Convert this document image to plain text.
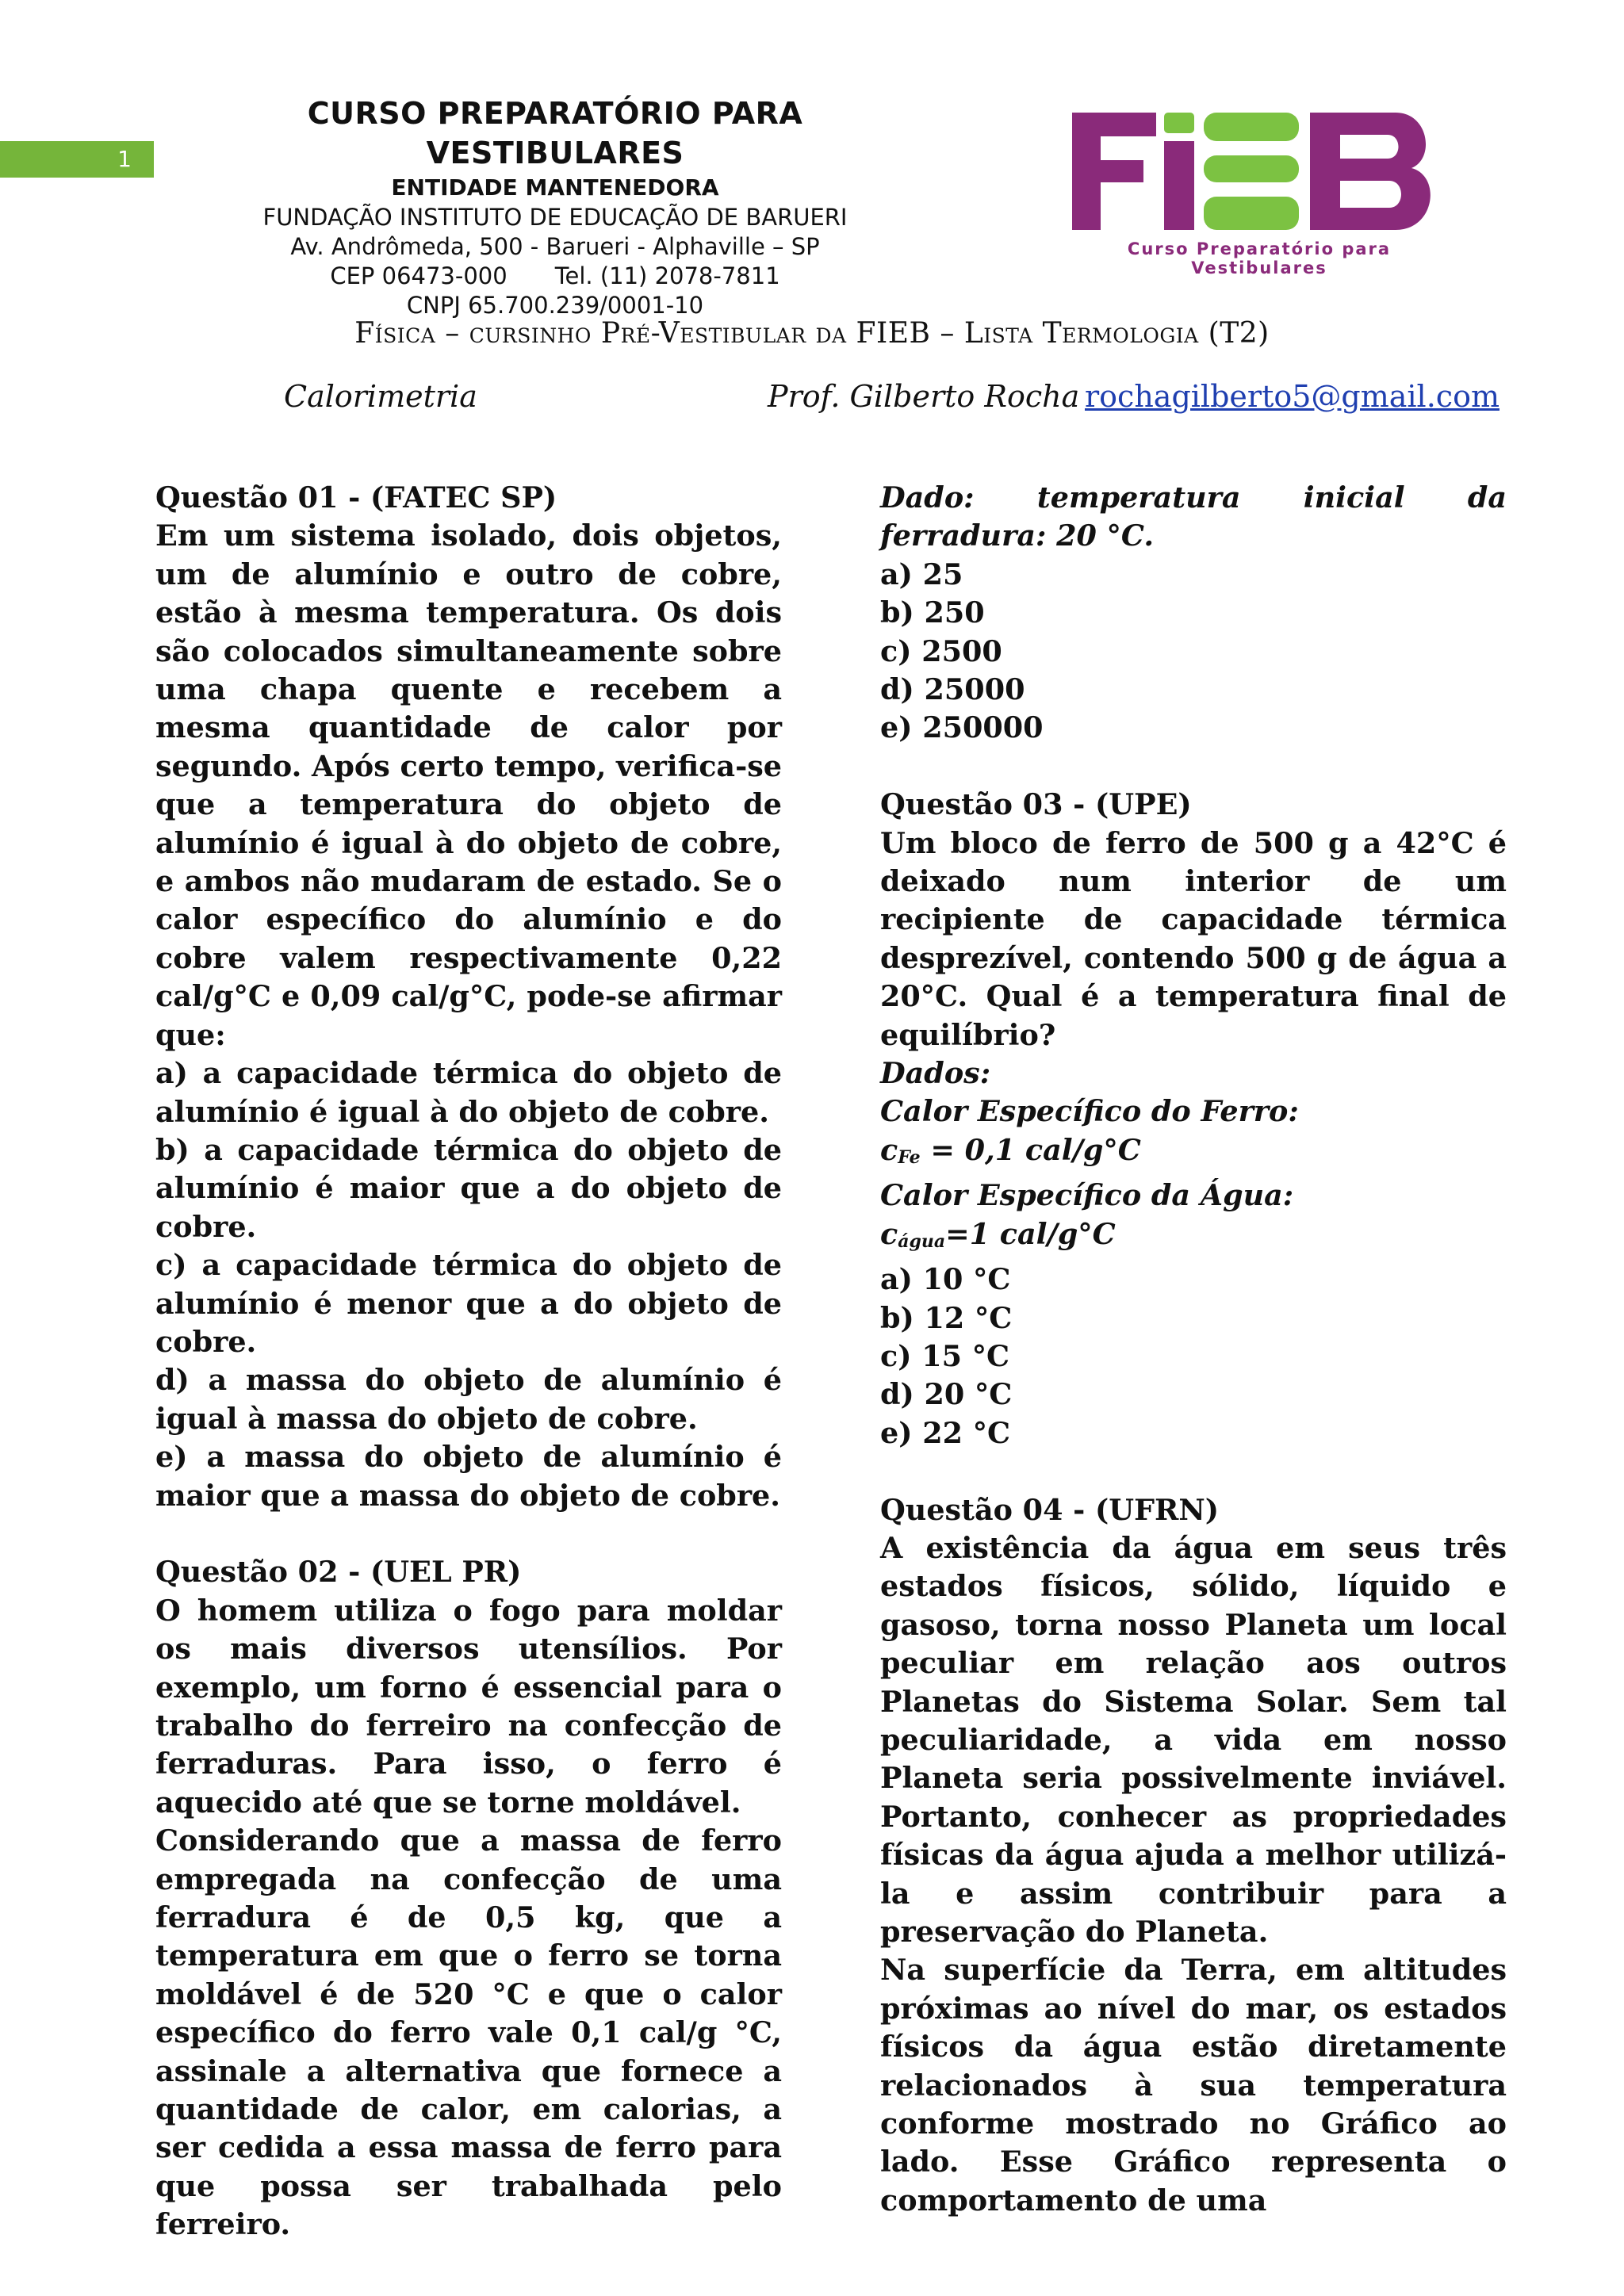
1
CURSO PREPARATÓRIO PARA VESTIBULARES
ENTIDADE MANTENEDORA
FUNDAÇÃO INSTITUTO DE EDUCAÇÃO DE BARUERI
Av. Andrômeda, 500 - Barueri - Alphaville – SP
CEP 06473-000 Tel. (11) 2078-7811
CNPJ 65.700.239/0001-10
Curso Preparatório para Vestibulares
Física – cursinho Pré-Vestibular da FIEB – Lista Termologia (T2)
Calorimetria	Prof. Gilberto Rocha rochagilberto5@gmail.com

Questão 01 - (FATEC SP)

Em um sistema isolado, dois objetos, um de alumínio e outro de cobre, estão à mesma temperatura. Os dois são colocados simultaneamente sobre uma chapa quente e recebem a mesma quantidade de calor por segundo. Após certo tempo, verifica-se que a temperatura do objeto de alumínio é igual à do objeto de cobre, e ambos não mudaram de estado. Se o calor específico do alumínio e do cobre valem respectivamente 0,22 cal/g°C e 0,09 cal/g°C, pode-se afirmar que:

a) a capacidade térmica do objeto de alumínio é igual à do objeto de cobre.

b) a capacidade térmica do objeto de alumínio é maior que a do objeto de cobre.

c) a capacidade térmica do objeto de alumínio é menor que a do objeto de cobre.

d) a massa do objeto de alumínio é igual à massa do objeto de cobre.

e) a massa do objeto de alumínio é maior que a massa do objeto de cobre.

Questão 02 - (UEL PR)

O homem utiliza o fogo para moldar os mais diversos utensílios. Por exemplo, um forno é essencial para o trabalho do ferreiro na confecção de ferraduras. Para isso, o ferro é aquecido até que se torne moldável.

Considerando que a massa de ferro empregada na confecção de uma ferradura é de 0,5 kg, que a temperatura em que o ferro se torna moldável é de 520 °C e que o calor específico do ferro vale 0,1 cal/g °C, assinale a alternativa que fornece a quantidade de calor, em calorias, a ser cedida a essa massa de ferro para que possa ser trabalhada pelo ferreiro.

Dado: temperatura inicial da ferradura: 20 °C.

a) 25

b) 250

c) 2500

d) 25000

e) 250000

Questão 03 - (UPE)

Um bloco de ferro de 500 g a 42°C é deixado num interior de um recipiente de capacidade térmica desprezível, contendo 500 g de água a 20°C. Qual é a temperatura final de equilíbrio?

Dados:

Calor Específico do Ferro:

$c_{Fe} = 0,1$ cal/g°C

Calor Específico da Água:

$c_{água}=1$ cal/g°C

a) 10 °C

b) 12 °C

c) 15 °C

d) 20 °C

e) 22 °C

Questão 04 - (UFRN)

A existência da água em seus três estados físicos, sólido, líquido e gasoso, torna nosso Planeta um local peculiar em relação aos outros Planetas do Sistema Solar. Sem tal peculiaridade, a vida em nosso Planeta seria possivelmente inviável. Portanto, conhecer as propriedades físicas da água ajuda a melhor utilizá-la e assim contribuir para a preservação do Planeta.

Na superfície da Terra, em altitudes próximas ao nível do mar, os estados físicos da água estão diretamente relacionados à sua temperatura conforme mostrado no Gráfico ao lado. Esse Gráfico representa o comportamento de uma
